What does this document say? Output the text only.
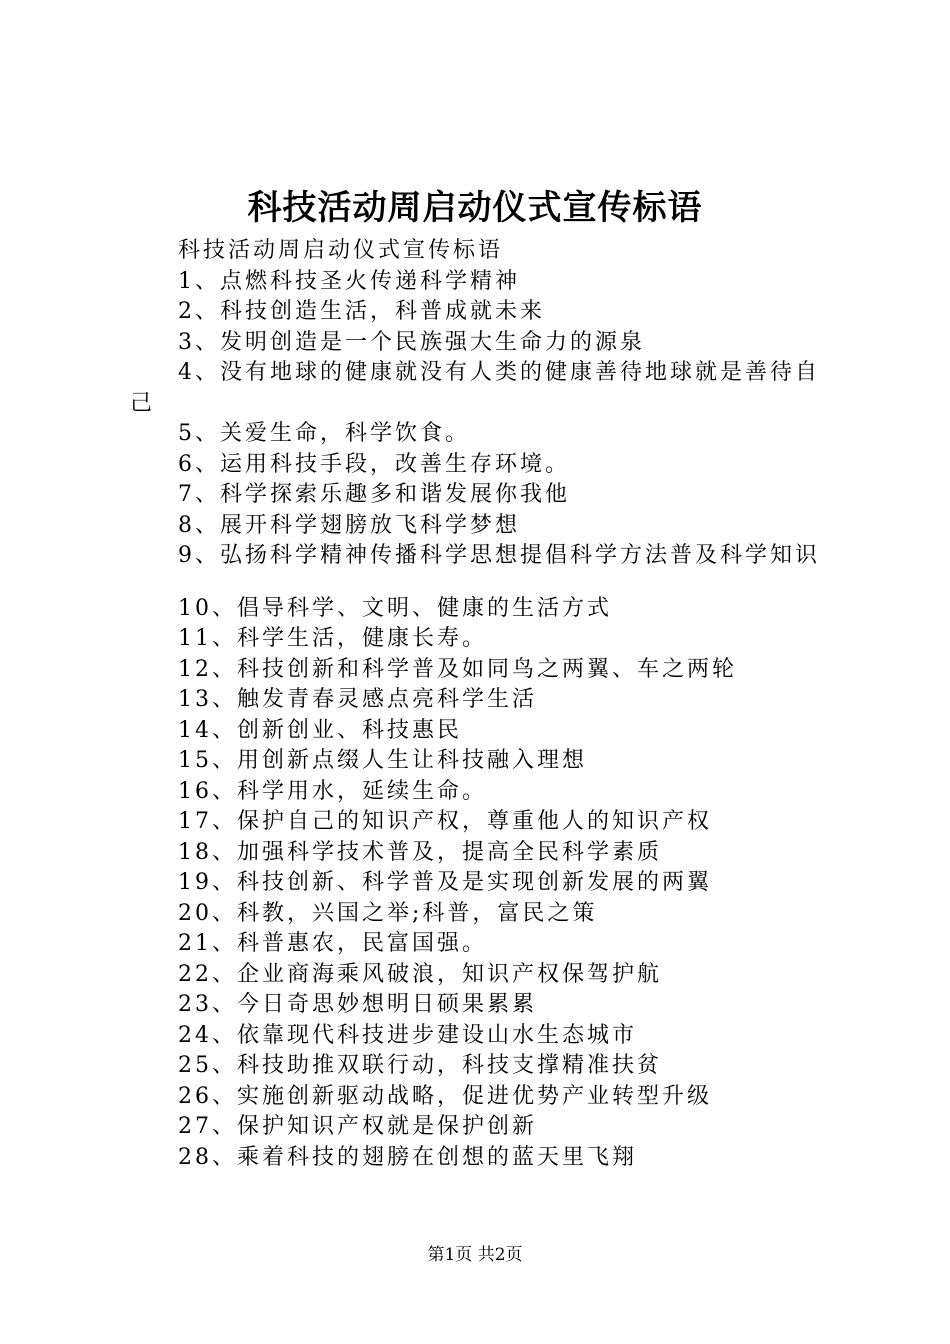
科技活动周启动仪式宣传标语
科技活动周启动仪式宣传标语
1、点燃科技圣火传递科学精神
2、科技创造生活，科普成就未来
3、发明创造是一个民族强大生命力的源泉
4、没有地球的健康就没有人类的健康善待地球就是善待自己
5、关爱生命，科学饮食。
6、运用科技手段，改善生存环境。
7、科学探索乐趣多和谐发展你我他
8、展开科学翅膀放飞科学梦想
9、弘扬科学精神传播科学思想提倡科学方法普及科学知识
10、倡导科学、文明、健康的生活方式
11、科学生活，健康长寿。
12、科技创新和科学普及如同鸟之两翼、车之两轮
13、触发青春灵感点亮科学生活
14、创新创业、科技惠民
15、用创新点缀人生让科技融入理想
16、科学用水，延续生命。
17、保护自己的知识产权，尊重他人的知识产权
18、加强科学技术普及，提高全民科学素质
19、科技创新、科学普及是实现创新发展的两翼
20、科教，兴国之举;科普，富民之策
21、科普惠农，民富国强。
22、企业商海乘风破浪，知识产权保驾护航
23、今日奇思妙想明日硕果累累
24、依靠现代科技进步建设山水生态城市
25、科技助推双联行动，科技支撑精准扶贫
26、实施创新驱动战略，促进优势产业转型升级
27、保护知识产权就是保护创新
28、乘着科技的翅膀在创想的蓝天里飞翔
第1页 共2页
